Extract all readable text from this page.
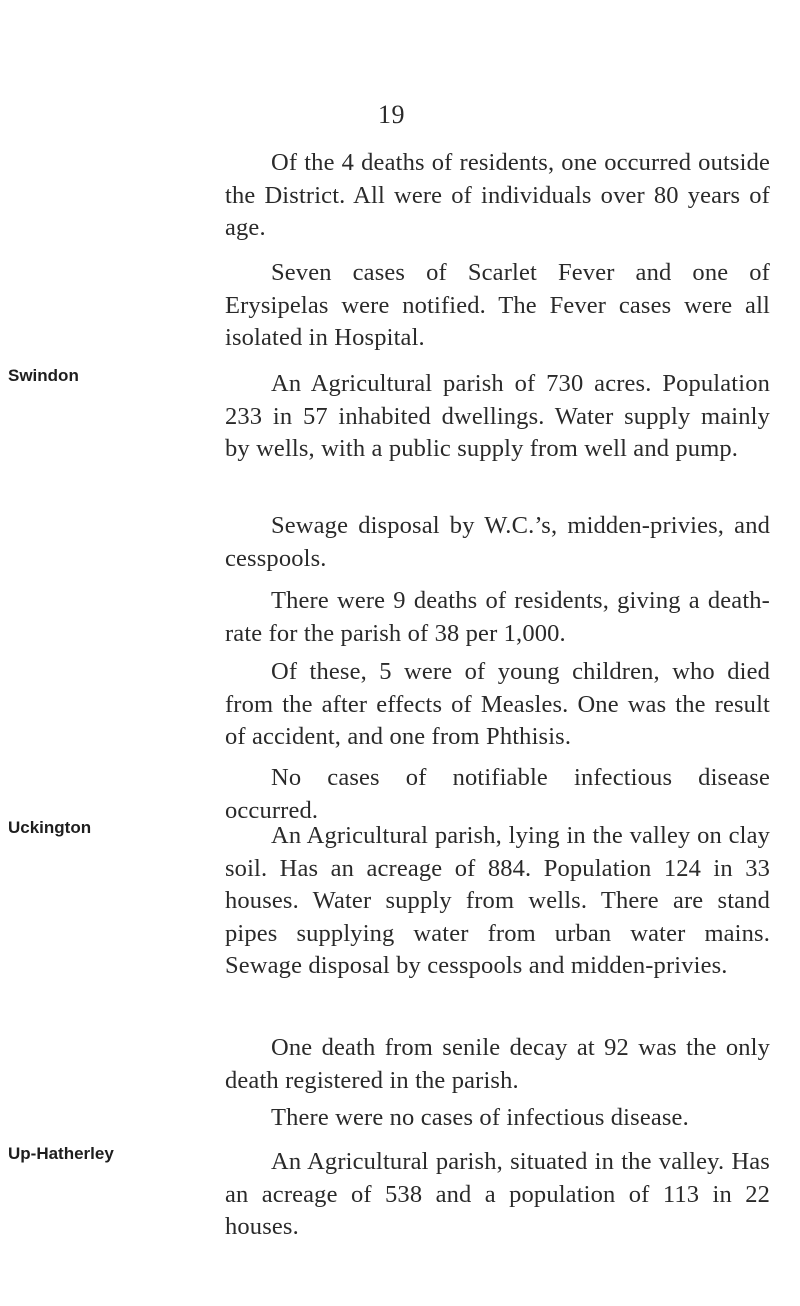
19
Swindon
Uckington
Up-Hatherley
Of the 4 deaths of residents, one occurred outside the District. All were of individuals over 80 years of age.
Seven cases of Scarlet Fever and one of Erysipelas were notified. The Fever cases were all isolated in Hospital.
An Agricultural parish of 730 acres. Population 233 in 57 inhabited dwellings. Water supply mainly by wells, with a public supply from well and pump.
Sewage disposal by W.C.’s, midden-privies, and cesspools.
There were 9 deaths of residents, giving a death-rate for the parish of 38 per 1,000.
Of these, 5 were of young children, who died from the after effects of Measles. One was the result of accident, and one from Phthisis.
No cases of notifiable infectious disease occurred.
An Agricultural parish, lying in the valley on clay soil. Has an acreage of 884. Population 124 in 33 houses. Water supply from wells. There are stand pipes supplying water from urban water mains. Sewage disposal by cesspools and midden-privies.
One death from senile decay at 92 was the only death registered in the parish.
There were no cases of infectious disease.
An Agricultural parish, situated in the valley. Has an acreage of 538 and a population of 113 in 22 houses.
